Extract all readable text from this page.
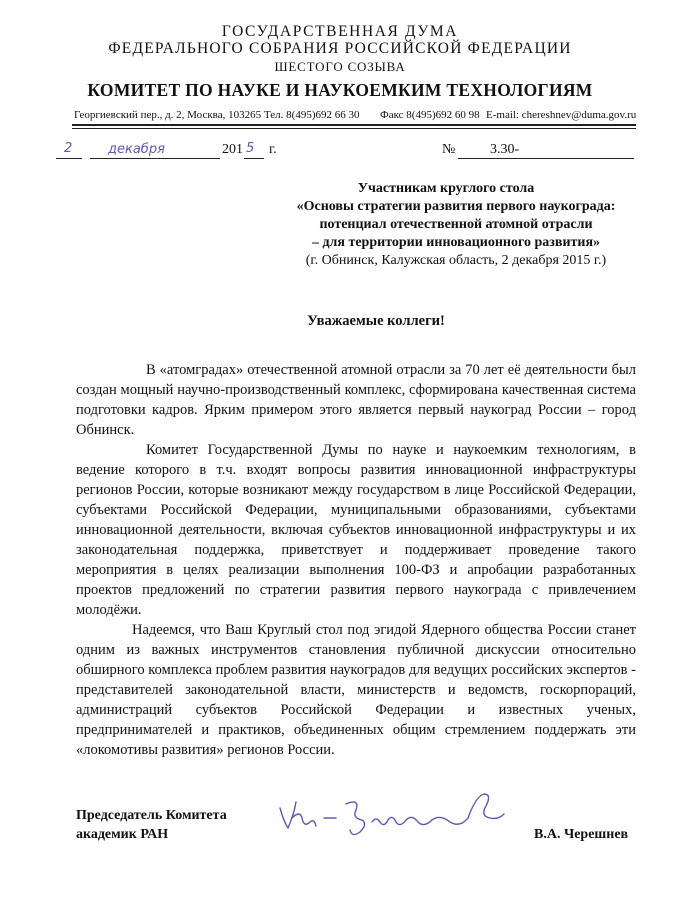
ГОСУДАРСТВЕННАЯ ДУМА
ФЕДЕРАЛЬНОГО СОБРАНИЯ РОССИЙСКОЙ ФЕДЕРАЦИИ
ШЕСТОГО СОЗЫВА
КОМИТЕТ ПО НАУКЕ И НАУКОЕМКИМ ТЕХНОЛОГИЯМ
Георгиевский пер., д. 2, Москва, 103265 Тел. 8(495)692 66 30 Факс 8(495)692 60 98 E-mail: chereshnev@duma.gov.ru
2	декабря	201 5 г.	№ 3.30-
Участникам круглого стола
«Основы стратегии развития первого наукограда:
потенциал отечественной атомной отрасли
– для территории инновационного развития»
(г. Обнинск, Калужская область, 2 декабря 2015 г.)
Уважаемые коллеги!

В «атомградах» отечественной атомной отрасли за 70 лет её деятельности был создан мощный научно-производственный комплекс, сформирована качественная система подготовки кадров. Ярким примером этого является первый наукоград России – город Обнинск.

Комитет Государственной Думы по науке и наукоемким технологиям, в ведение которого в т.ч. входят вопросы развития инновационной инфраструктуры регионов России, которые возникают между государством в лице Российской Федерации, субъектами Российской Федерации, муниципальными образованиями, субъектами инновационной деятельности, включая субъектов инновационной инфраструктуры и их законодательная поддержка, приветствует и поддерживает проведение такого мероприятия в целях реализации выполнения 100-ФЗ и апробации разработанных проектов предложений по стратегии развития первого наукограда с привлечением молодёжи.

Надеемся, что Ваш Круглый стол под эгидой Ядерного общества России станет одним из важных инструментов становления публичной дискуссии относительно обширного комплекса проблем развития наукоградов для ведущих российских экспертов - представителей законодательной власти, министерств и ведомств, госкорпораций, администраций субъектов Российской Федерации и известных ученых, предпринимателей и практиков, объединенных общим стремлением поддержать эти «локомотивы развития» регионов России.

Председатель Комитета
академик РАН	В.А. Черешнев
